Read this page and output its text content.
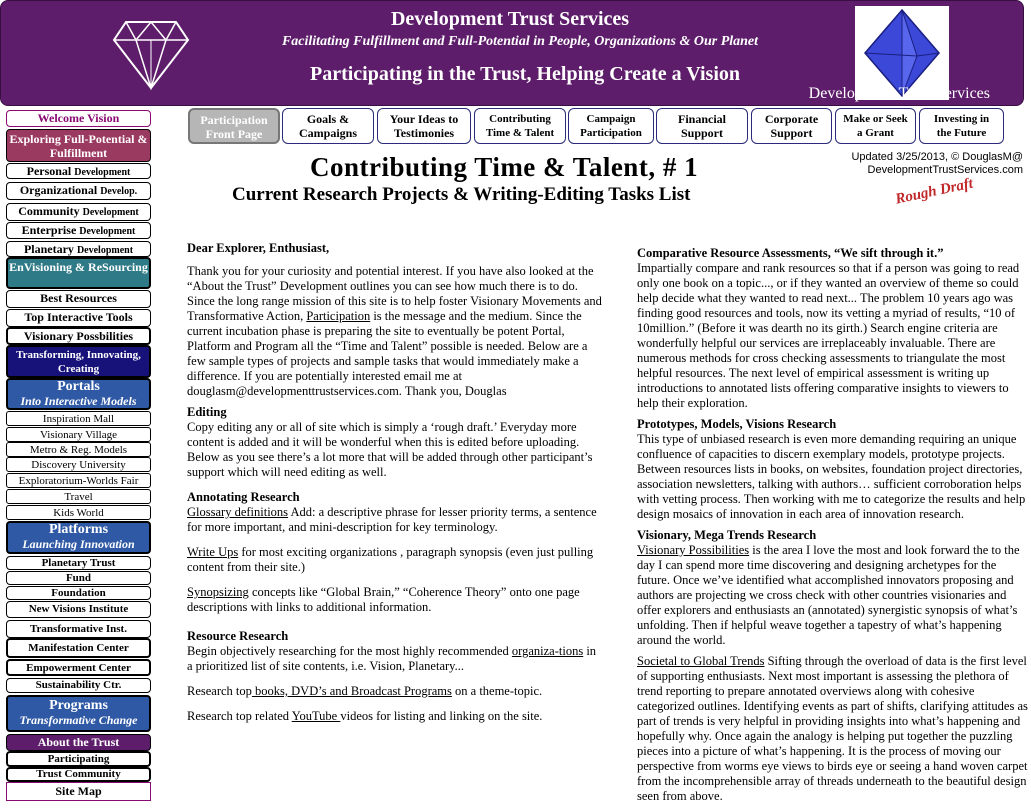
Development Trust Services
Facilitating Fulfillment and Full-Potential in People, Organizations & Our Planet
Participating in the Trust, Helping Create a Vision
Development Trust Services
Welcome Vision
Exploring Full-Potential & Fulfillment
Personal Development
Organizational Develop.
Community Development
Enterprise Development
Planetary Development
EnVisioning & ReSourcing
Best Resources
Top Interactive Tools
Visionary Possbilities
Transforming, Innovating, Creating
Portals
Into Interactive Models
Inspiration Mall
Visionary Village
Metro & Reg. Models
Discovery University
Exploratorium-Worlds Fair
Travel
Kids World
Platforms
Launching Innovation
Planetary Trust
Fund
Foundation
New Visions Institute
Transformative Inst.
Manifestation Center
Empowerment Center
Sustainability Ctr.
Programs
Transformative Change
About the Trust
Participating
Trust Community
Site Map
Participation
Front Page
Goals &
Campaigns
Your Ideas to
Testimonies
Contributing
Time & Talent
Campaign
Participation
Financial
Support
Corporate
Support
Make or Seek
a Grant
Investing in
the Future
Updated 3/25/2013, © DouglasM@
DevelopmentTrustServices.com
Contributing Time & Talent, # 1
Current Research Projects & Writing-Editing Tasks List	Rough Draft

Dear Explorer, Enthusiast,

Thank you for your curiosity and potential interest. If you have also looked at the “About the Trust” Development outlines you can see how much there is to do. Since the long range mission of this site is to help foster Visionary Movements and Transformative Action, Participation is the message and the medium. Since the current incubation phase is preparing the site to eventually be potent Portal, Platform and Program all the “Time and Talent” possible is needed. Below are a few sample types of projects and sample tasks that would immediately make a difference. If you are potentially interested email me at douglasm@developmenttrustservices.com. Thank you, Douglas

Editing

Copy editing any or all of site which is simply a ‘rough draft.’ Everyday more content is added and it will be wonderful when this is edited before uploading. Below as you see there’s a lot more that will be added through other participant’s support which will need editing as well.

Annotating Research

Glossary definitions Add: a descriptive phrase for lesser priority terms, a sentence for more important, and mini-description for key terminology.

Write Ups for most exciting organizations , paragraph synopsis (even just pulling content from their site.)

Synopsizing concepts like “Global Brain,” “Coherence Theory” onto one page descriptions with links to additional information.

Resource Research

Begin objectively researching for the most highly recommended organiza-tions in a prioritized list of site contents, i.e. Vision, Planetary...

Research top books, DVD’s and Broadcast Programs on a theme-topic.

Research top related YouTube videos for listing and linking on the site.

Comparative Resource Assessments, “We sift through it.”

Impartially compare and rank resources so that if a person was going to read only one book on a topic..., or if they wanted an overview of theme so could help decide what they wanted to read next... The problem 10 years ago was finding good resources and tools, now its vetting a myriad of results, “10 of 10million.” (Before it was dearth no its girth.) Search engine criteria are wonderfully helpful our services are irreplaceably invaluable. There are numerous methods for cross checking assessments to triangulate the most helpful resources. The next level of empirical assessment is writing up introductions to annotated lists offering comparative insights to viewers to help their exploration.

Prototypes, Models, Visions Research

This type of unbiased research is even more demanding requiring an unique confluence of capacities to discern exemplary models, prototype projects. Between resources lists in books, on websites, foundation project directories, association newsletters, talking with authors… sufficient corroboration helps with vetting process. Then working with me to categorize the results and help design mosaics of innovation in each area of innovation research.

Visionary, Mega Trends Research

Visionary Possibilities is the area I love the most and look forward the to the day I can spend more time discovering and designing archetypes for the future. Once we’ve identified what accomplished innovators proposing and authors are projecting we cross check with other countries visionaries and offer explorers and enthusiasts an (annotated) synergistic synopsis of what’s unfolding. Then if helpful weave together a tapestry of what’s happening around the world.

Societal to Global Trends Sifting through the overload of data is the first level of supporting enthusiasts. Next most important is assessing the plethora of trend reporting to prepare annotated overviews along with cohesive categorized outlines. Identifying events as part of shifts, clarifying attitudes as part of trends is very helpful in providing insights into what’s happening and hopefully why. Once again the analogy is helping put together the puzzling pieces into a picture of what’s happening. It is the process of moving our perspective from worms eye views to birds eye or seeing a hand woven carpet from the incomprehensible array of threads underneath to the beautiful design seen from above.
